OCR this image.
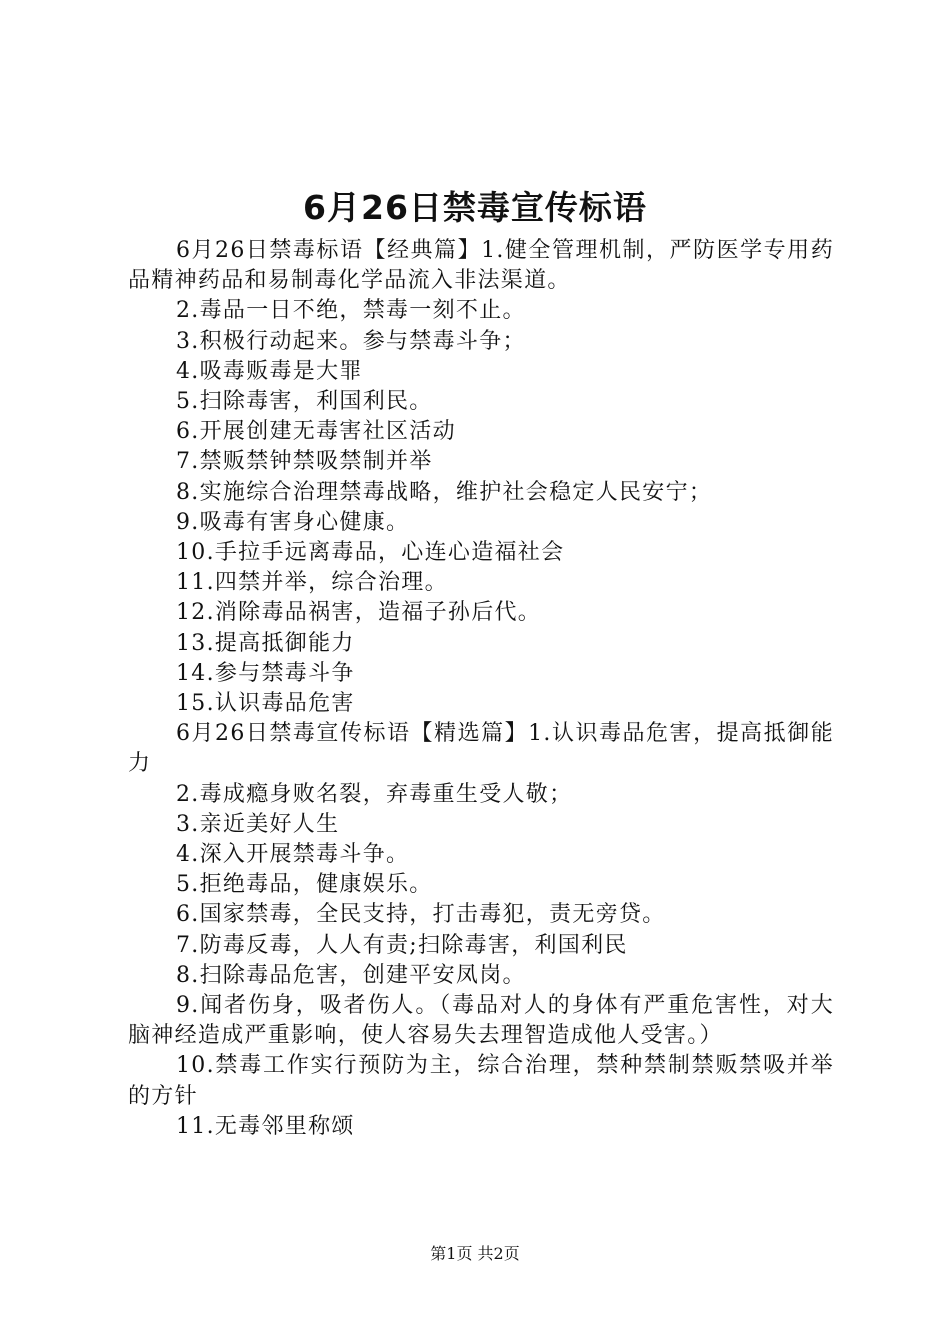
6月26日禁毒宣传标语

6月26日禁毒标语【经典篇】1.健全管理机制，严防医学专用药品精神药品和易制毒化学品流入非法渠道。

2.毒品一日不绝，禁毒一刻不止。

3.积极行动起来。参与禁毒斗争；

4.吸毒贩毒是大罪

5.扫除毒害，利国利民。

6.开展创建无毒害社区活动

7.禁贩禁钟禁吸禁制并举

8.实施综合治理禁毒战略，维护社会稳定人民安宁；

9.吸毒有害身心健康。

10.手拉手远离毒品，心连心造福社会

11.四禁并举，综合治理。

12.消除毒品祸害，造福子孙后代。

13.提高抵御能力

14.参与禁毒斗争

15.认识毒品危害

6月26日禁毒宣传标语【精选篇】1.认识毒品危害，提高抵御能力

2.毒成瘾身败名裂，弃毒重生受人敬；

3.亲近美好人生

4.深入开展禁毒斗争。

5.拒绝毒品，健康娱乐。

6.国家禁毒，全民支持，打击毒犯，责无旁贷。

7.防毒反毒，人人有责;扫除毒害，利国利民

8.扫除毒品危害，创建平安凤岗。

9.闻者伤身，吸者伤人。（毒品对人的身体有严重危害性，对大脑神经造成严重影响，使人容易失去理智造成他人受害。）

10.禁毒工作实行预防为主，综合治理，禁种禁制禁贩禁吸并举的方针

11.无毒邻里称颂

第1页 共2页
